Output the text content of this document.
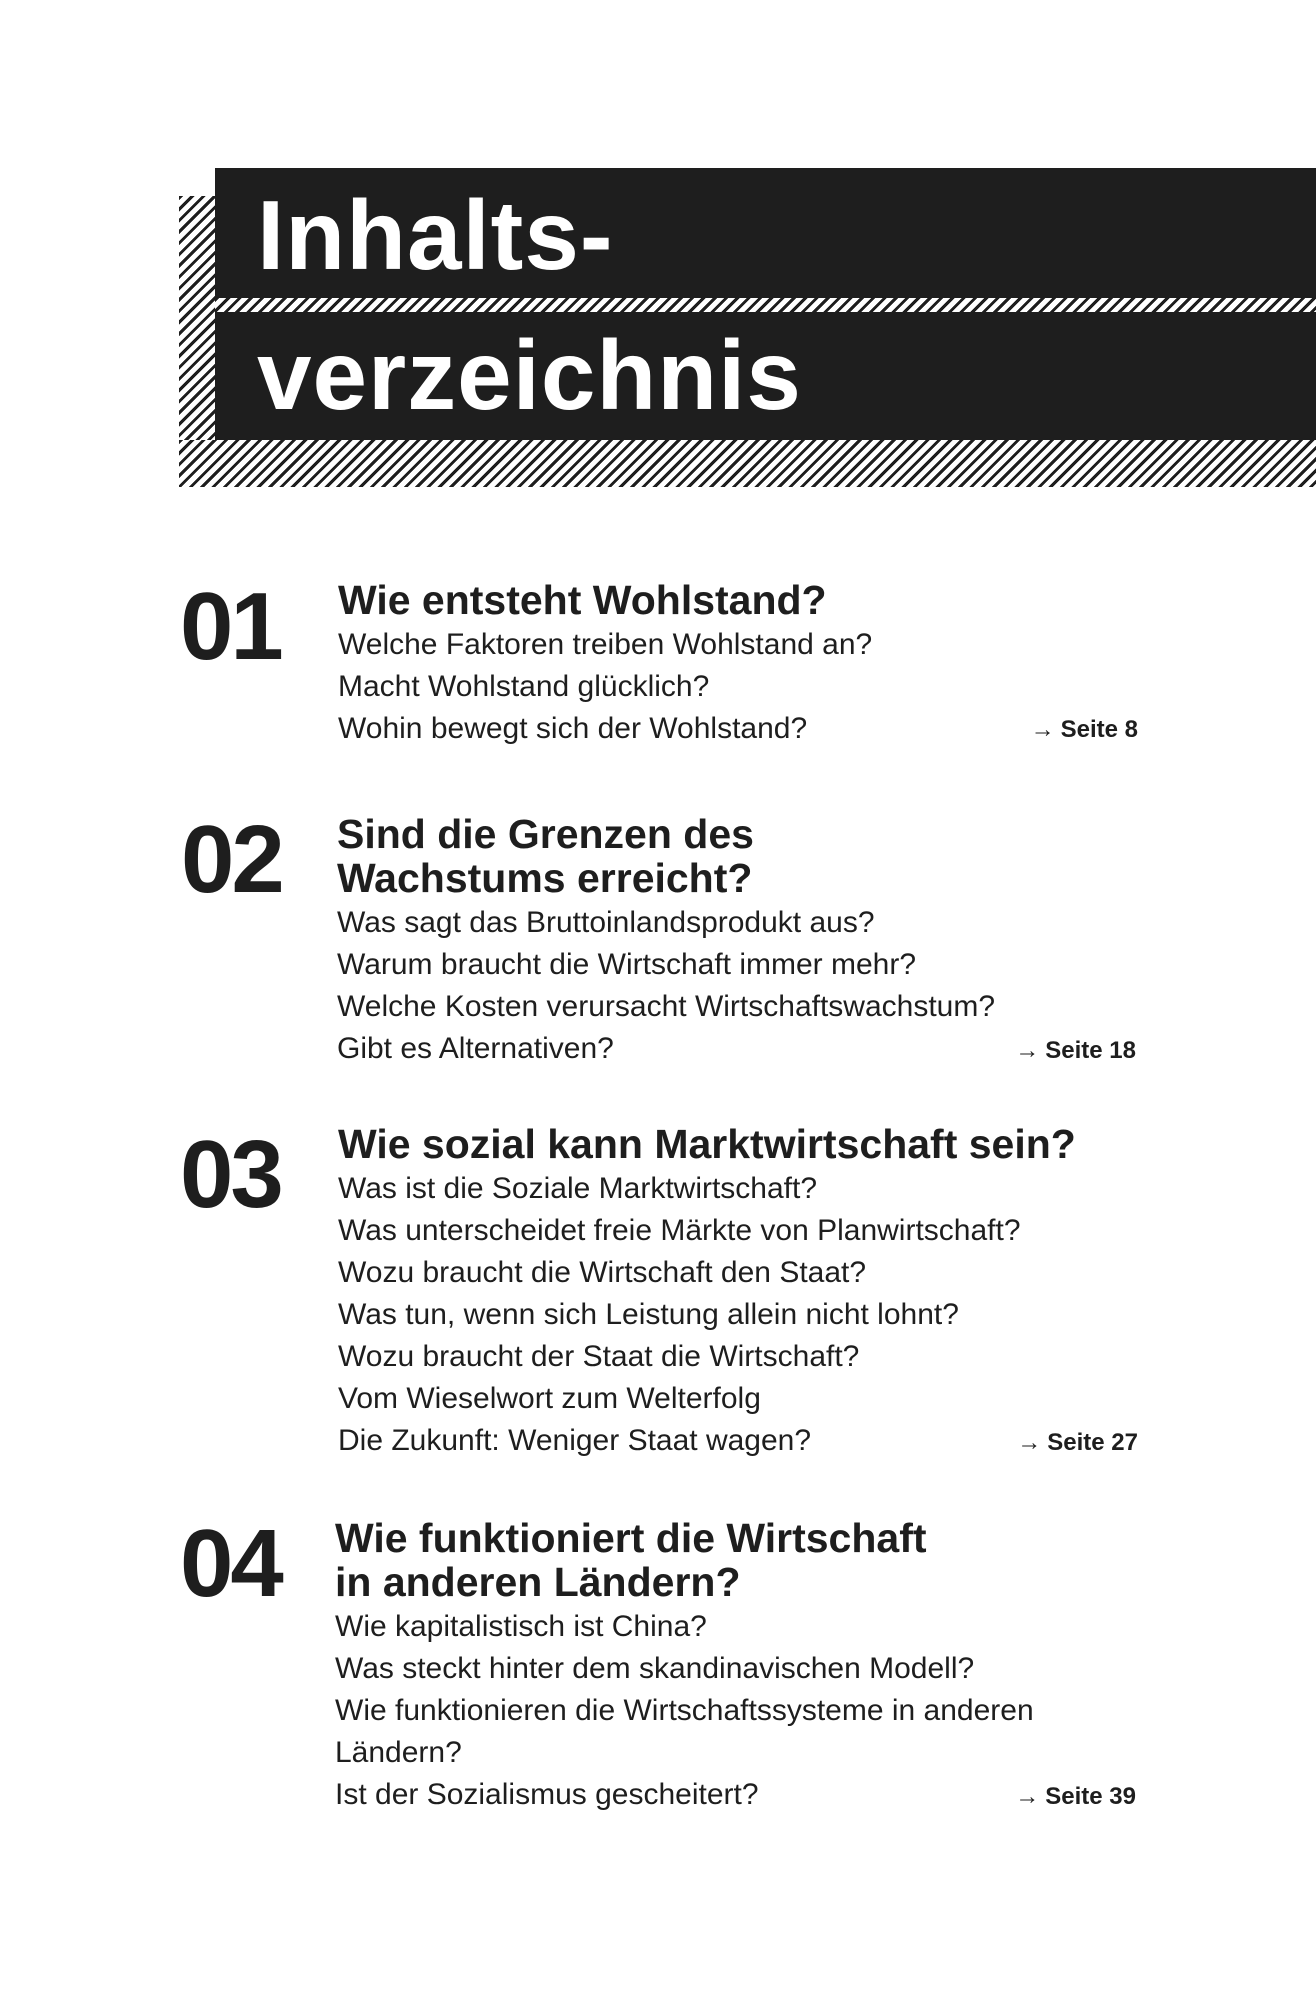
Inhalts-
verzeichnis
01 Wie entsteht Wohlstand?
Welche Faktoren treiben Wohlstand an?
Macht Wohlstand glücklich?
Wohin bewegt sich der Wohlstand?	→ Seite 8
02 Sind die Grenzen des
Wachstums erreicht?
Was sagt das Bruttoinlandsprodukt aus?
Warum braucht die Wirtschaft immer mehr?
Welche Kosten verursacht Wirtschaftswachstum?
Gibt es Alternativen?	→ Seite 18
03 Wie sozial kann Marktwirtschaft sein?
Was ist die Soziale Marktwirtschaft?
Was unterscheidet freie Märkte von Planwirtschaft?
Wozu braucht die Wirtschaft den Staat?
Was tun, wenn sich Leistung allein nicht lohnt?
Wozu braucht der Staat die Wirtschaft?
Vom Wieselwort zum Welterfolg
Die Zukunft: Weniger Staat wagen?	→ Seite 27
04 Wie funktioniert die Wirtschaft
in anderen Ländern?
Wie kapitalistisch ist China?
Was steckt hinter dem skandinavischen Modell?
Wie funktionieren die Wirtschaftssysteme in anderen
Ländern?
Ist der Sozialismus gescheitert?	→ Seite 39
